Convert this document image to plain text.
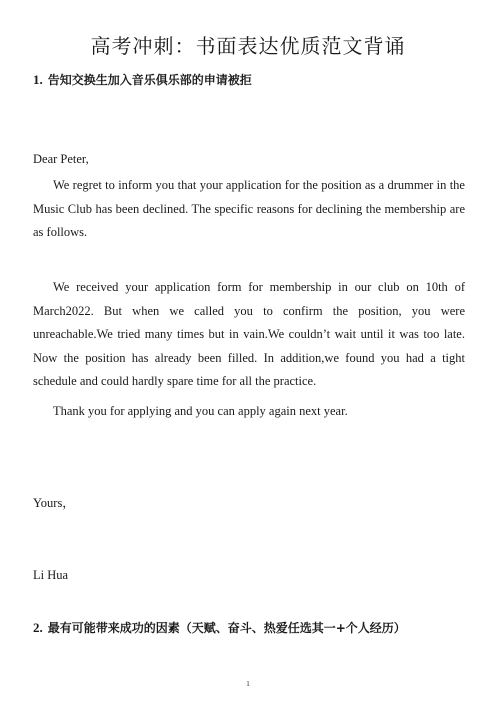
高考冲刺：书面表达优质范文背诵
1. 告知交换生加入音乐俱乐部的申请被拒
Dear Peter,
We regret to inform you that your application for the position as a drummer in the Music Club has been declined. The specific reasons for declining the membership are as follows.
We received your application form for membership in our club on 10th of March2022. But when we called you to confirm the position, you were unreachable.We tried many times but in vain.We couldn’t wait until it was too late. Now the position has already been filled. In addition,we found you had a tight schedule and could hardly spare time for all the practice.
Thank you for applying and you can apply again next year.
Yours，
Li Hua
2. 最有可能带来成功的因素（天赋、奋斗、热爱任选其一+个人经历）
1
